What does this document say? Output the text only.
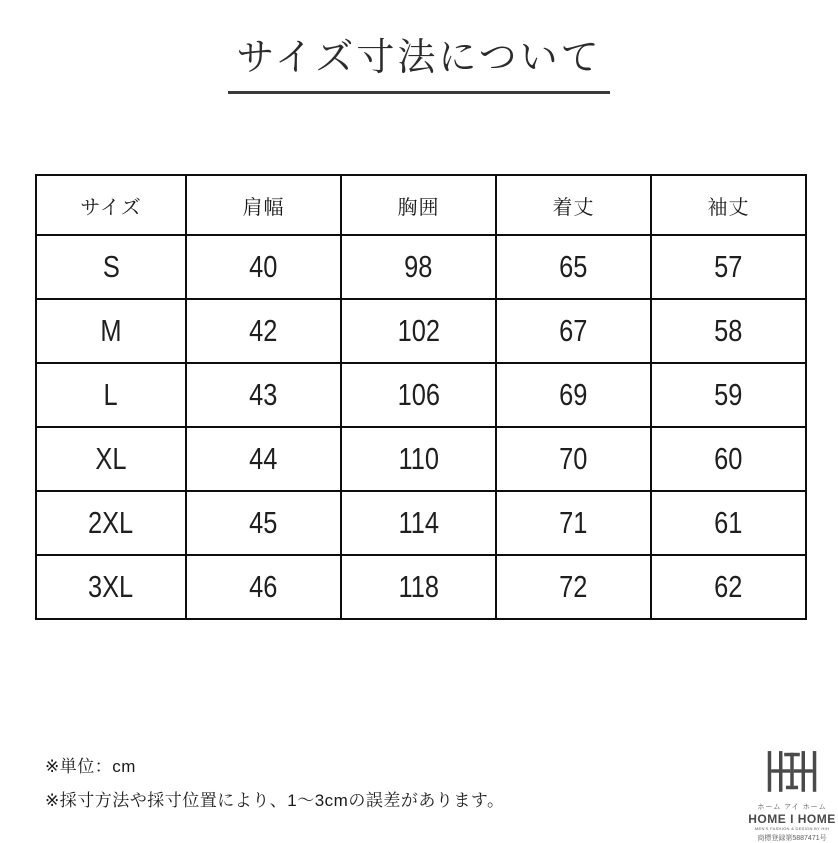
サイズ寸法について
サイズ	肩幅	胸囲	着丈	袖丈
S	40	98	65	57
M	42	102	67	58
L	43	106	69	59
XL	44	110	70	60
2XL	45	114	71	61
3XL	46	118	72	62
※単位：cm
※採寸方法や採寸位置により、1～3cmの誤差があります。	ホーム アイ ホーム
HOME I HOME
MEN'S FASHION & DESIGN BY HIH
商標登録第5887471号
